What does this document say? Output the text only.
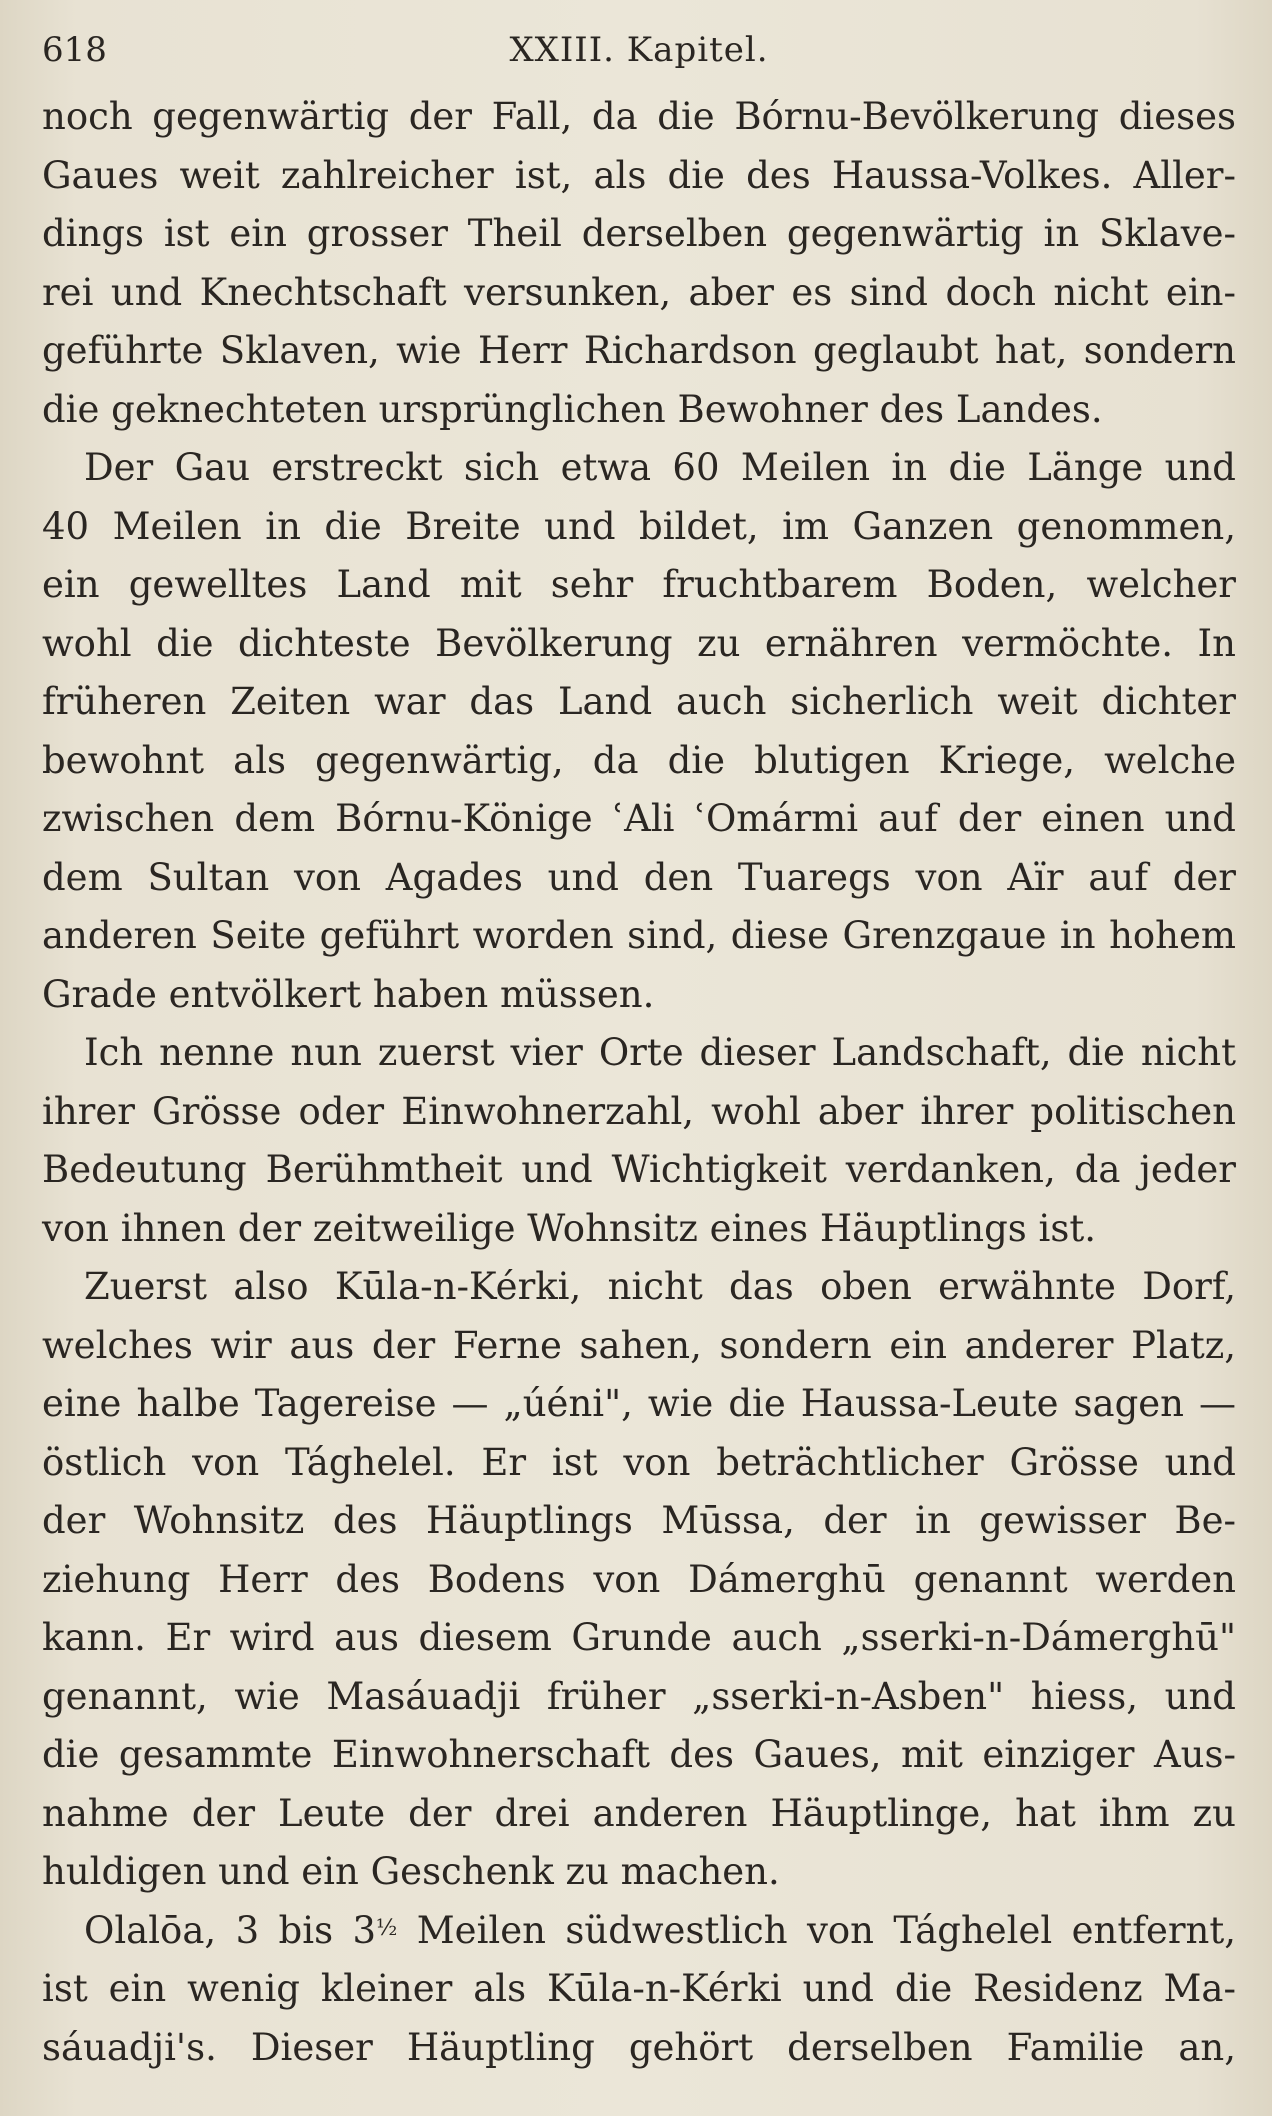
618	XXIII. Kapitel.
noch gegenwärtig der Fall, da die Bórnu-Bevölkerung dieses
Gaues weit zahlreicher ist, als die des Haussa-Volkes. Aller-
dings ist ein grosser Theil derselben gegenwärtig in Sklave-
rei und Knechtschaft versunken, aber es sind doch nicht ein-
geführte Sklaven, wie Herr Richardson geglaubt hat, sondern
die geknechteten ursprünglichen Bewohner des Landes.
Der Gau erstreckt sich etwa 60 Meilen in die Länge und
40 Meilen in die Breite und bildet, im Ganzen genommen,
ein gewelltes Land mit sehr fruchtbarem Boden, welcher
wohl die dichteste Bevölkerung zu ernähren vermöchte. In
früheren Zeiten war das Land auch sicherlich weit dichter
bewohnt als gegenwärtig, da die blutigen Kriege, welche
zwischen dem Bórnu-Könige ʿAli ʿOmármi auf der einen und
dem Sultan von Agades und den Tuaregs von Aïr auf der
anderen Seite geführt worden sind, diese Grenzgaue in hohem
Grade entvölkert haben müssen.
Ich nenne nun zuerst vier Orte dieser Landschaft, die nicht
ihrer Grösse oder Einwohnerzahl, wohl aber ihrer politischen
Bedeutung Berühmtheit und Wichtigkeit verdanken, da jeder
von ihnen der zeitweilige Wohnsitz eines Häuptlings ist.
Zuerst also Kūla-n-Kérki, nicht das oben erwähnte Dorf,
welches wir aus der Ferne sahen, sondern ein anderer Platz,
eine halbe Tagereise — „úéni", wie die Haussa-Leute sagen —
östlich von Tághelel. Er ist von beträchtlicher Grösse und
der Wohnsitz des Häuptlings Mūssa, der in gewisser Be-
ziehung Herr des Bodens von Dámerghū genannt werden
kann. Er wird aus diesem Grunde auch „sserki-n-Dámerghū"
genannt, wie Masáuadji früher „sserki-n-Asben" hiess, und
die gesammte Einwohnerschaft des Gaues, mit einziger Aus-
nahme der Leute der drei anderen Häuptlinge, hat ihm zu
huldigen und ein Geschenk zu machen.
Olalōa, 3 bis 3½ Meilen südwestlich von Tághelel entfernt,
ist ein wenig kleiner als Kūla-n-Kérki und die Residenz Ma-
sáuadji's. Dieser Häuptling gehört derselben Familie an,
